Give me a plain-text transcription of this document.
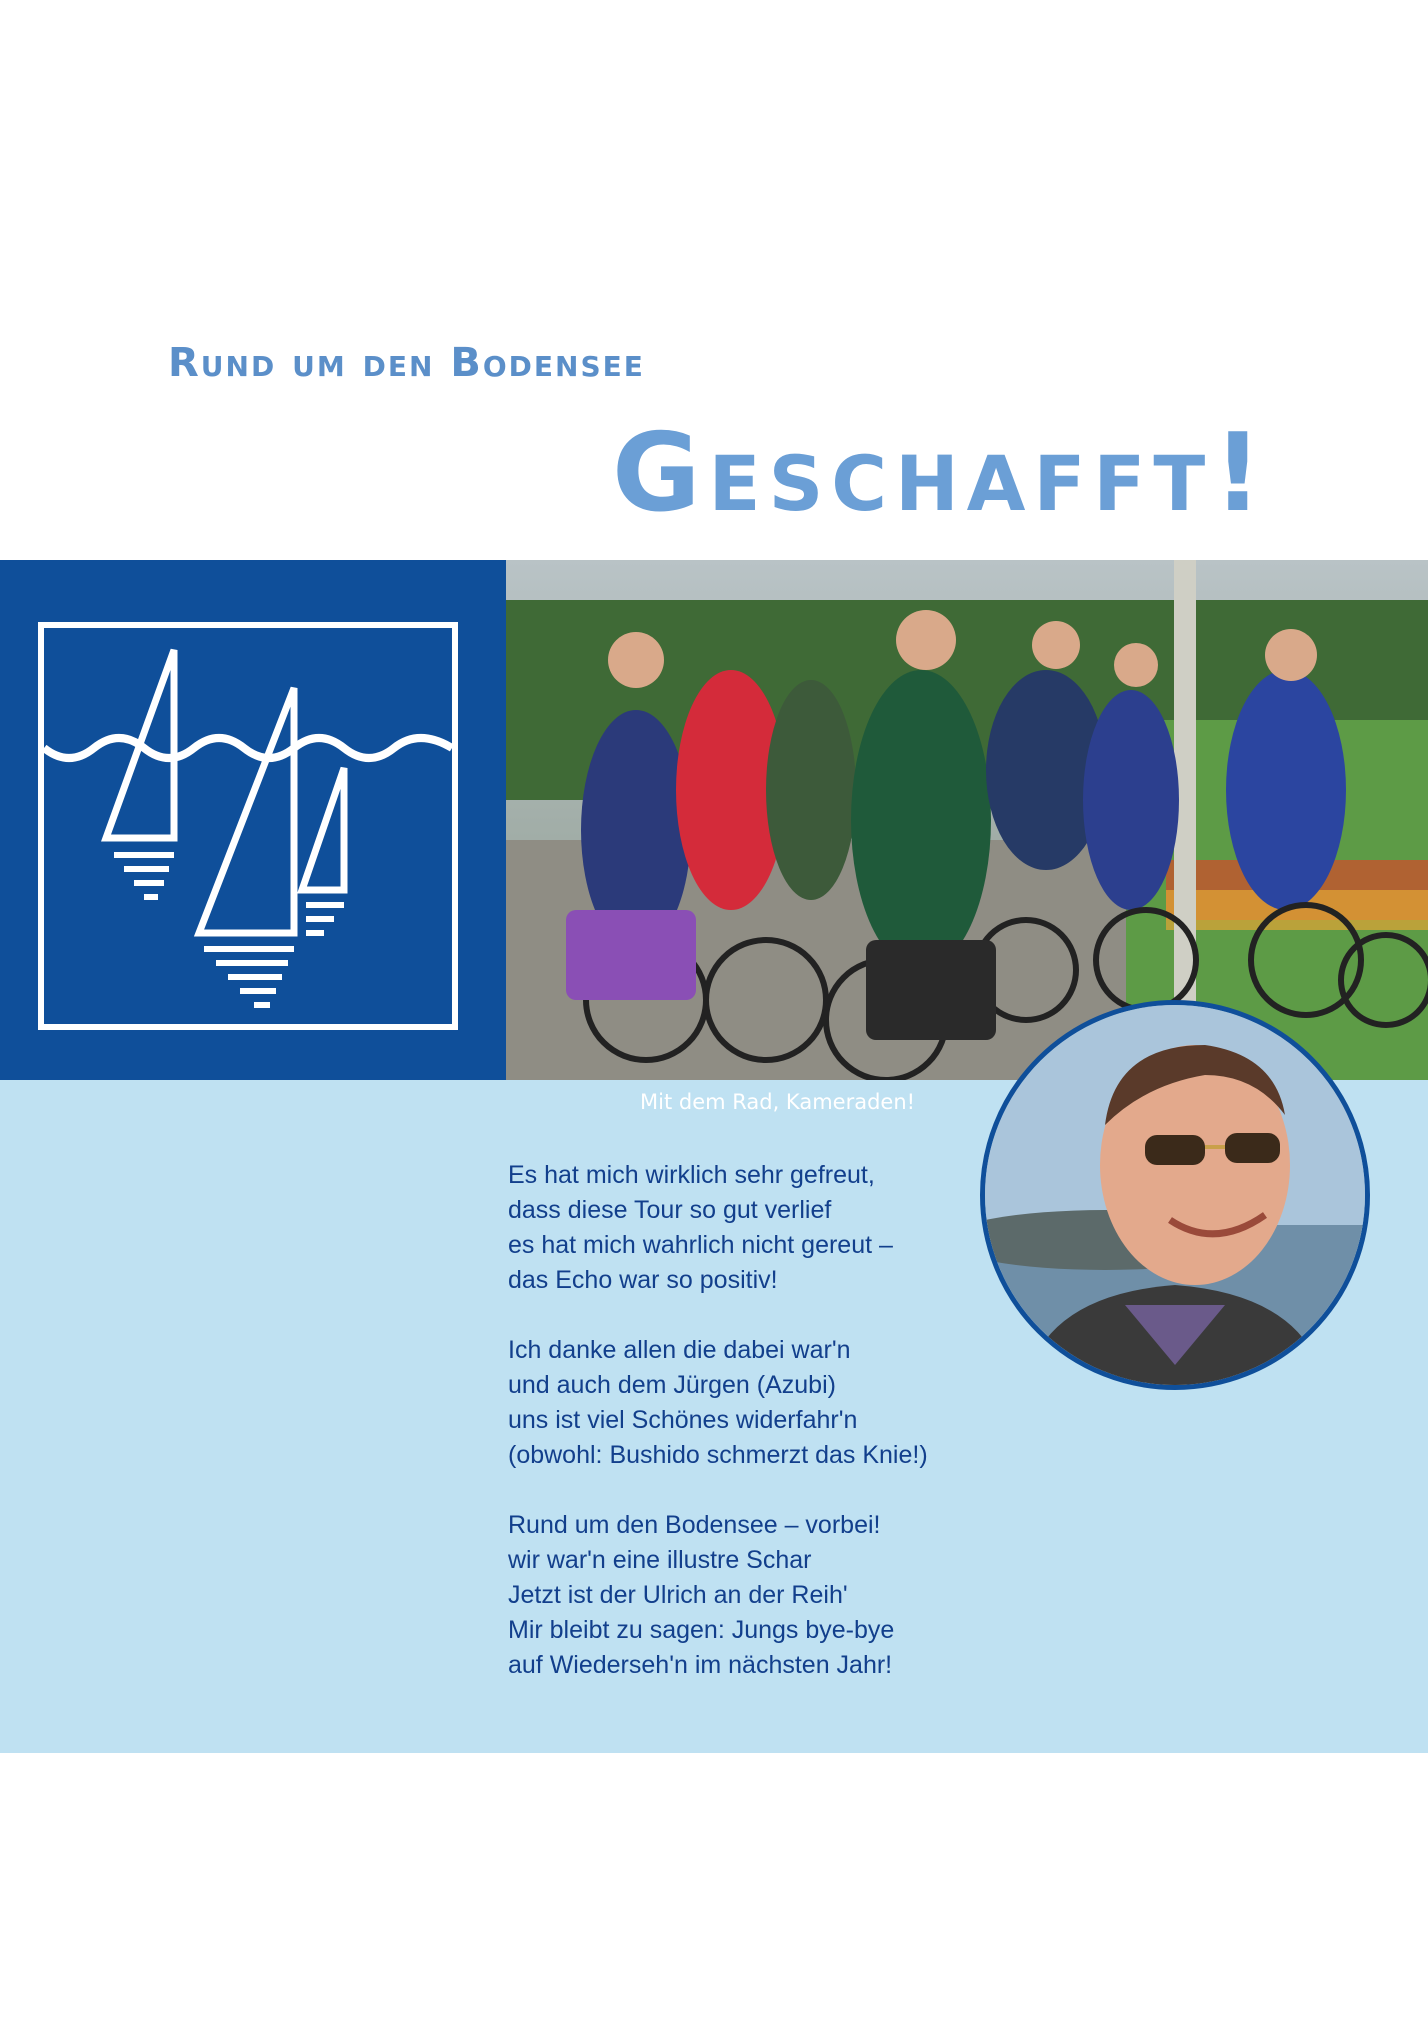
Rund um den Bodensee
Geschafft!
Mit dem Rad, Kameraden!
Es hat mich wirklich sehr gefreut,
dass diese Tour so gut verlief
es hat mich wahrlich nicht gereut –
das Echo war so positiv!
Ich danke allen die dabei war'n
und auch dem Jürgen (Azubi)
uns ist viel Schönes widerfahr'n
(obwohl: Bushido schmerzt das Knie!)
Rund um den Bodensee – vorbei!
wir war'n eine illustre Schar
Jetzt ist der Ulrich an der Reih'
Mir bleibt zu sagen: Jungs bye-bye
auf Wiederseh'n im nächsten Jahr!
